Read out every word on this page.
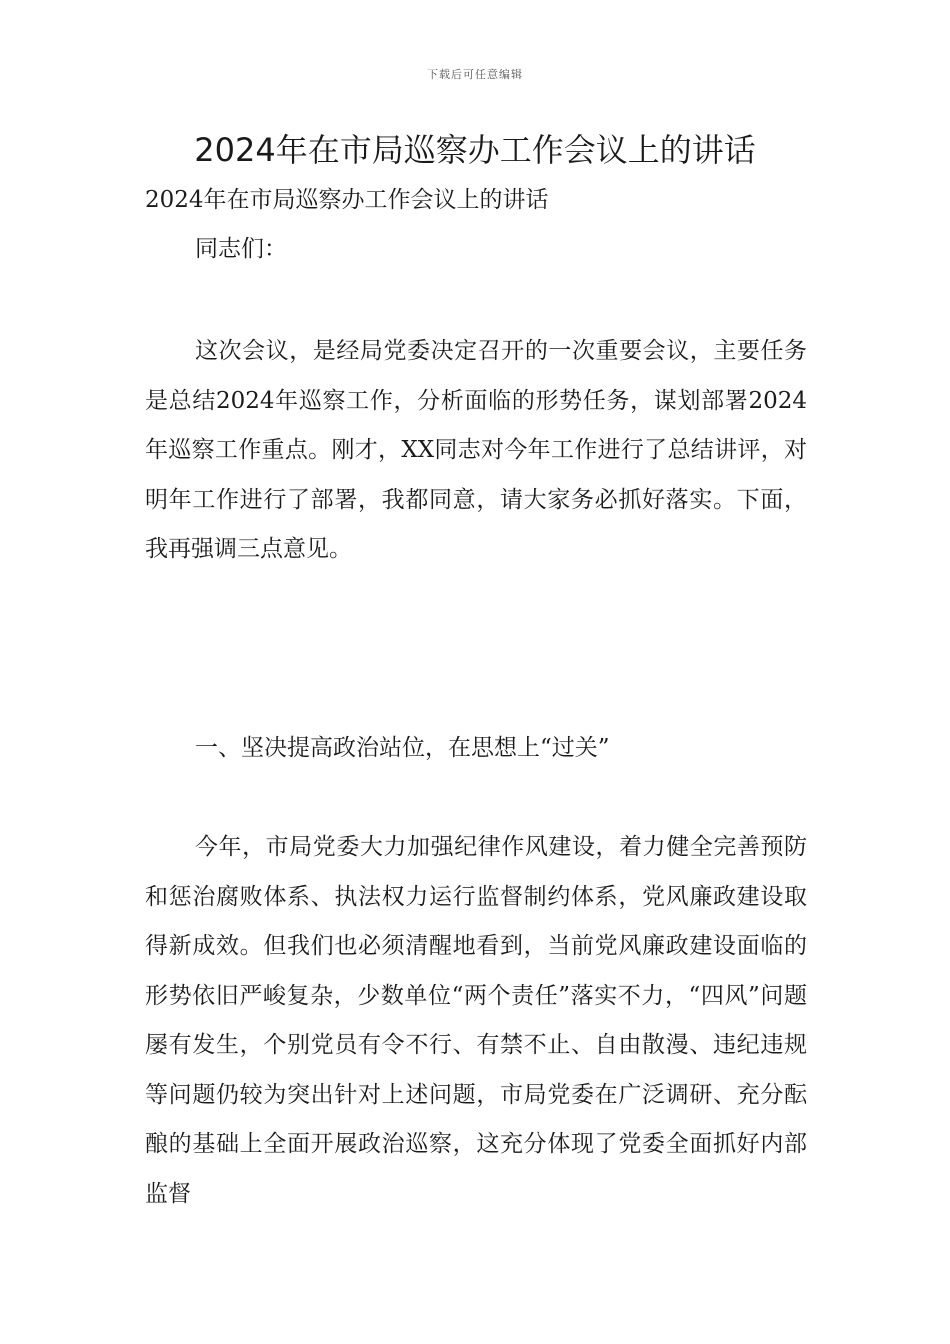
下载后可任意编辑
2024年在市局巡察办工作会议上的讲话
2024年在市局巡察办工作会议上的讲话
同志们：

这次会议，是经局党委决定召开的一次重要会议，主要任务是总结2024年巡察工作，分析面临的形势任务，谋划部署2024年巡察工作重点。刚才，XX同志对今年工作进行了总结讲评，对明年工作进行了部署，我都同意，请大家务必抓好落实。下面，我再强调三点意见。

一、坚决提高政治站位，在思想上“过关”

今年，市局党委大力加强纪律作风建设，着力健全完善预防和惩治腐败体系、执法权力运行监督制约体系，党风廉政建设取得新成效。但我们也必须清醒地看到，当前党风廉政建设面临的形势依旧严峻复杂，少数单位“两个责任”落实不力，“四风”问题屡有发生，个别党员有令不行、有禁不止、自由散漫、违纪违规等问题仍较为突出针对上述问题，市局党委在广泛调研、充分酝酿的基础上全面开展政治巡察，这充分体现了党委全面抓好内部监督
